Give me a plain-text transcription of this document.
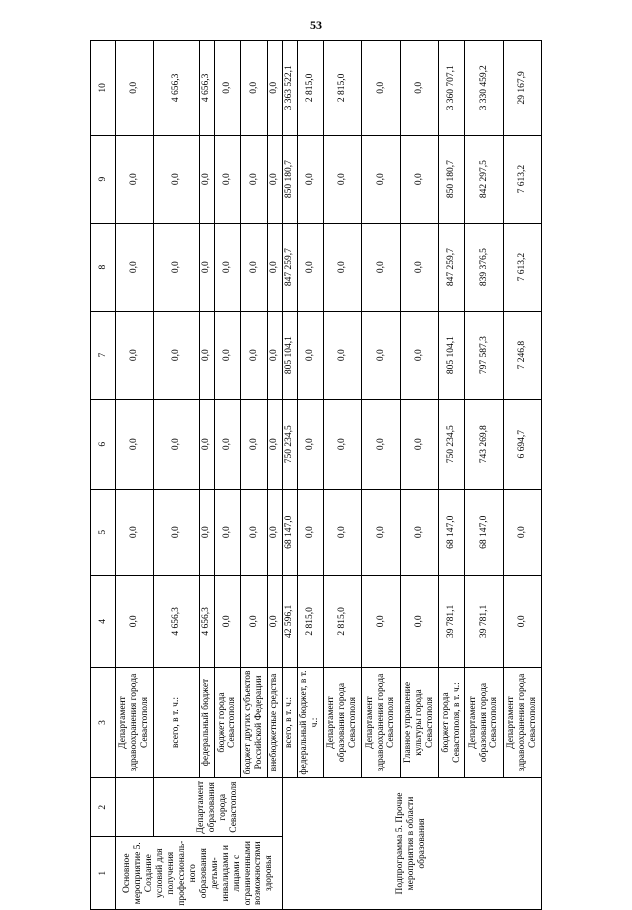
53
1	2	3	4	5	6	7	8	9	10
Основное мероприятие 5. Создание условий для получения профессиональ-ного образования детьми-инвалидами и лицами с ограниченными возможностями здоровья		Департамент здравоохранения города Севастополя	0,0	0,0	0,0	0,0	0,0	0,0	0,0
	Департамент образования города Севастополя	всего, в т. ч.:	4 656,3	0,0	0,0	0,0	0,0	0,0	4 656,3
		федеральный бюджет	4 656,3	0,0	0,0	0,0	0,0	0,0	4 656,3
		бюджет города Севастополя	0,0	0,0	0,0	0,0	0,0	0,0	0,0
		бюджет других субъектов Российской Федерации	0,0	0,0	0,0	0,0	0,0	0,0	0,0
		внебюджетные средства	0,0	0,0	0,0	0,0	0,0	0,0	0,0
Подпрограмма 5. Прочие мероприятия в области образования		всего, в т. ч.:	42 596,1	68 147,0	750 234,5	805 104,1	847 259,7	850 180,7	3 363 522,1
		федеральный бюджет, в т. ч.:	2 815,0	0,0	0,0	0,0	0,0	0,0	2 815,0
		Департамент образования города Севастополя	2 815,0	0,0	0,0	0,0	0,0	0,0	2 815,0
		Департамент здравоохранения города Севастополя	0,0	0,0	0,0	0,0	0,0	0,0	0,0
		Главное управление культуры города Севастополя	0,0	0,0	0,0	0,0	0,0	0,0	0,0
		бюджет города Севастополя, в т. ч.:	39 781,1	68 147,0	750 234,5	805 104,1	847 259,7	850 180,7	3 360 707,1
		Департамент образования города Севастополя	39 781,1	68 147,0	743 269,8	797 587,3	839 376,5	842 297,5	3 330 459,2
		Департамент здравоохранения города Севастополя	0,0	0,0	6 694,7	7 246,8	7 613,2	7 613,2	29 167,9
